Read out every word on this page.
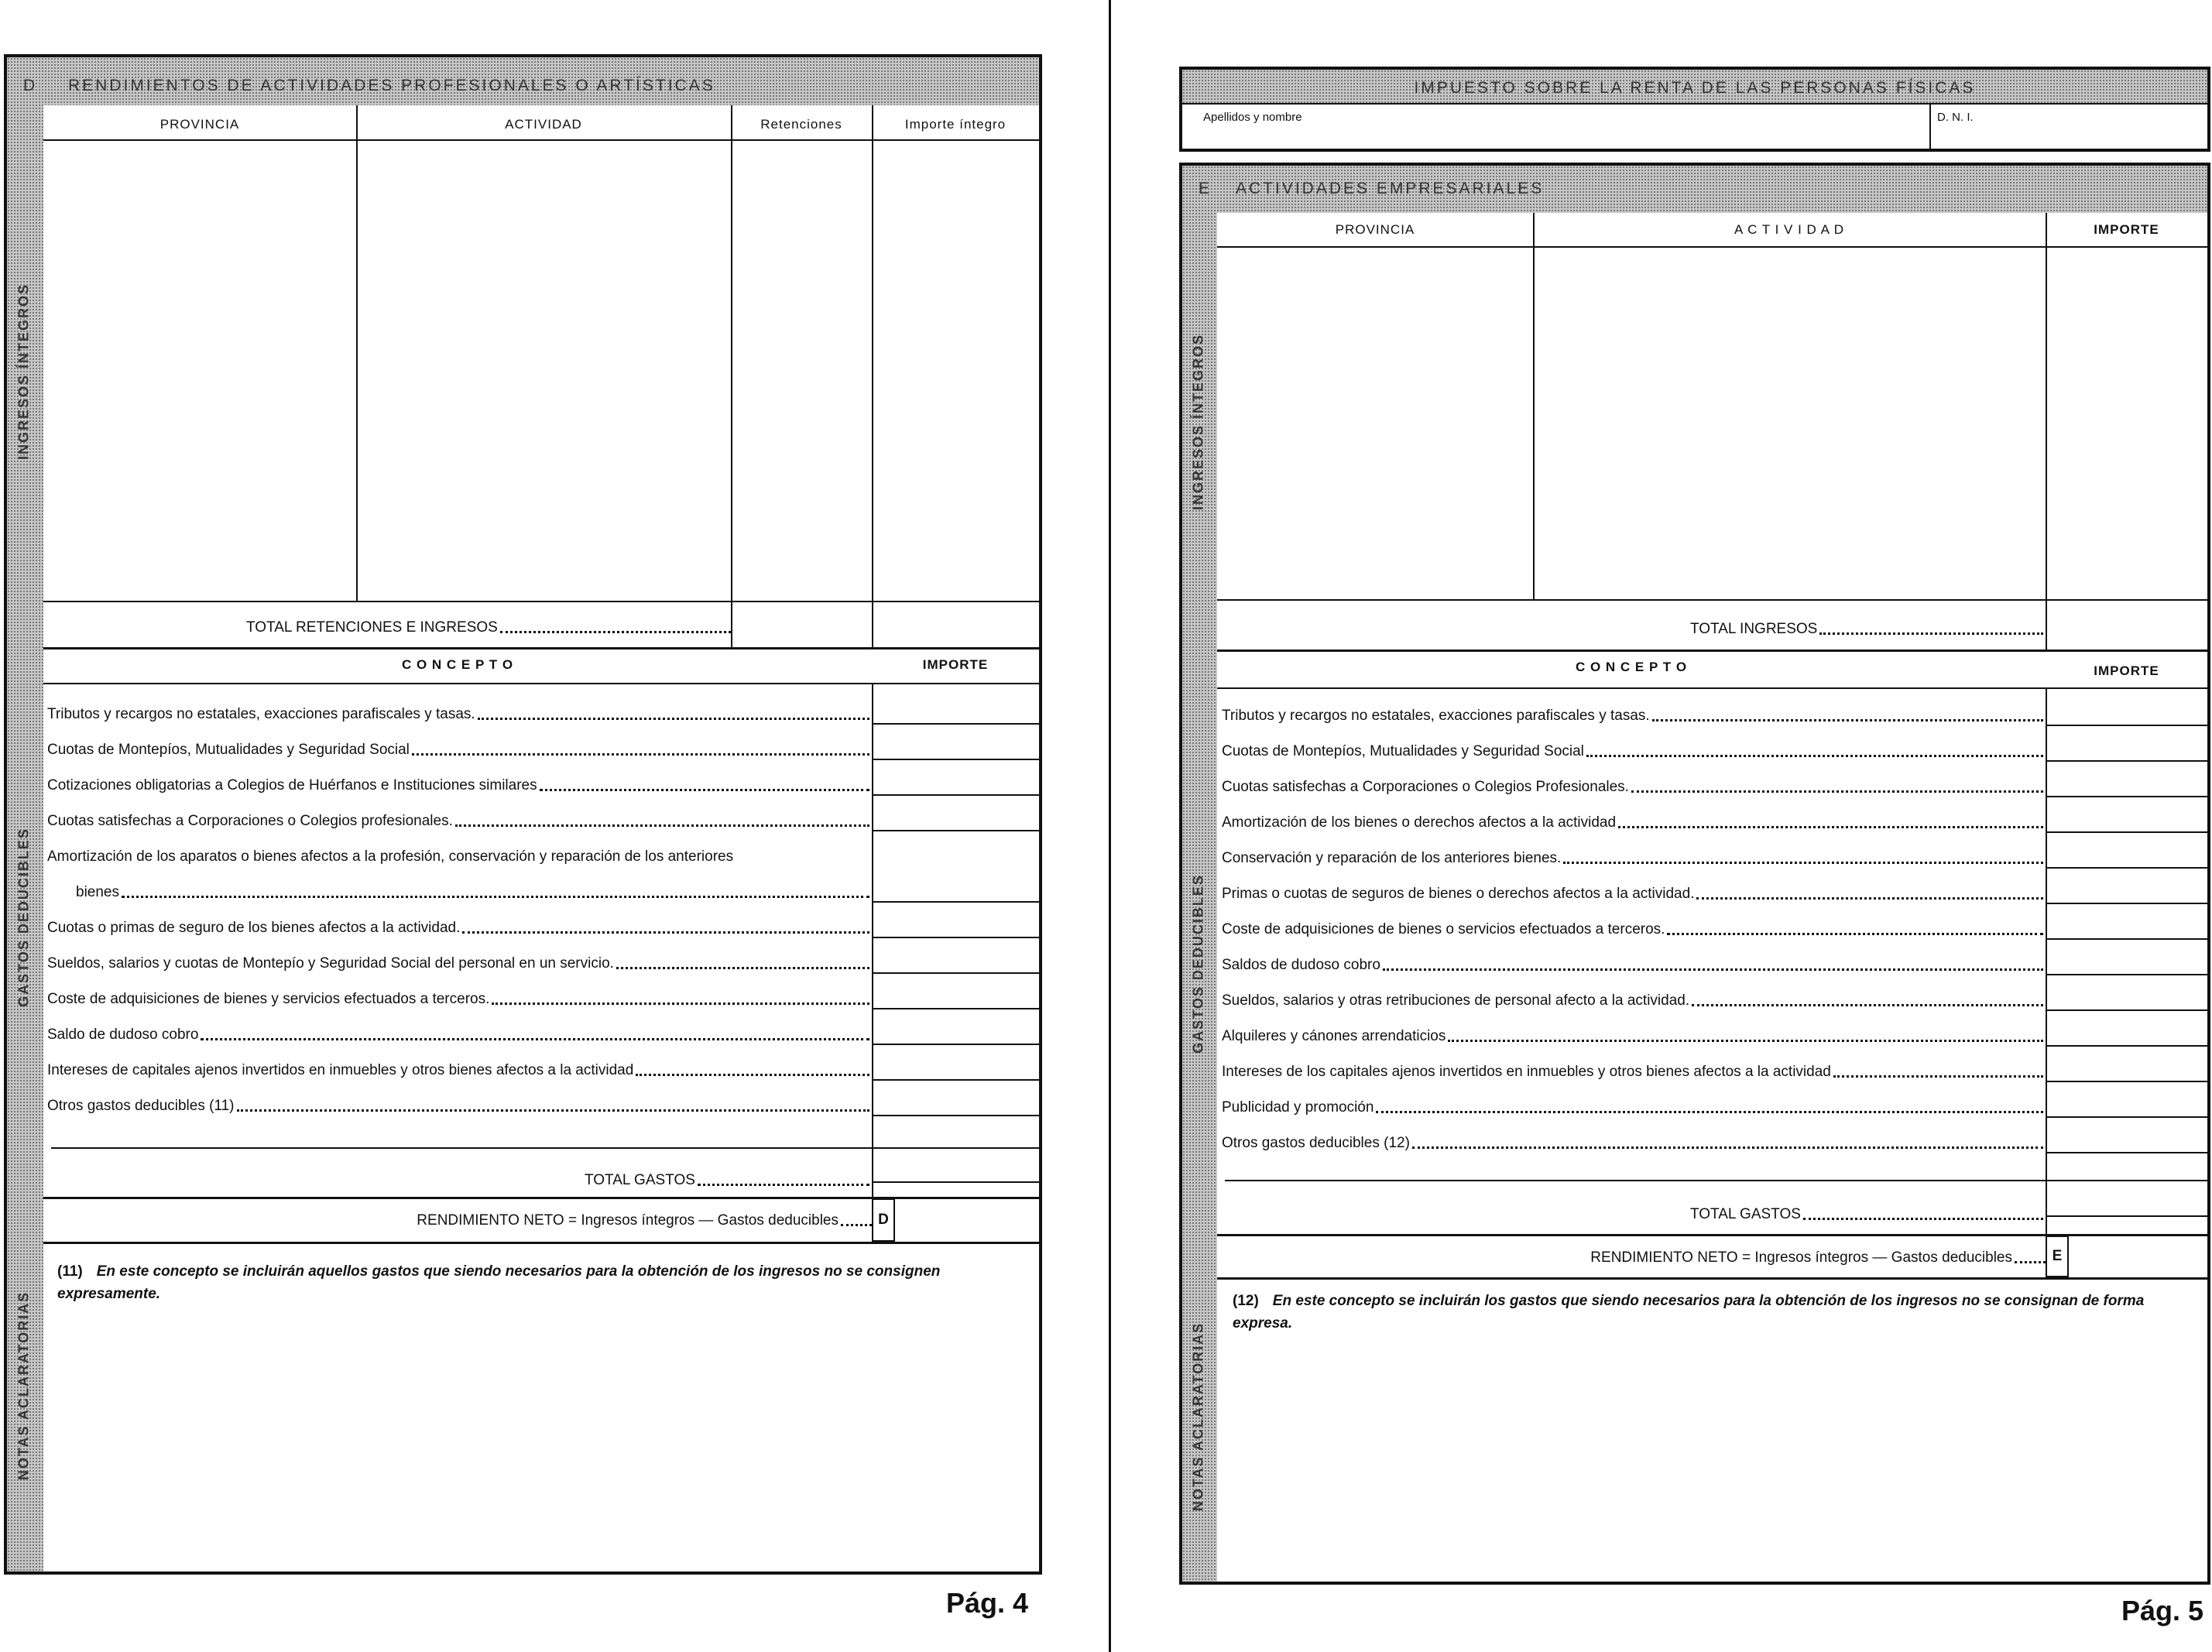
D RENDIMIENTOS DE ACTIVIDADES PROFESIONALES O ARTÍSTICAS
INGRESOS ÍNTEGROS
GASTOS DEDUCIBLES
NOTAS ACLARATORIAS
PROVINCIA	ACTIVIDAD	Retenciones	Importe íntegro
TOTAL RETENCIONES E INGRESOS
C O N C E P T O	IMPORTE
Tributos y recargos no estatales, exacciones parafiscales y tasas.
Cuotas de Montepíos, Mutualidades y Seguridad Social
Cotizaciones obligatorias a Colegios de Huérfanos e Instituciones similares
Cuotas satisfechas a Corporaciones o Colegios profesionales.
Amortización de los aparatos o bienes afectos a la profesión, conservación y reparación de los anteriores
bienes
Cuotas o primas de seguro de los bienes afectos a la actividad.
Sueldos, salarios y cuotas de Montepío y Seguridad Social del personal en un servicio.
Coste de adquisiciones de bienes y servicios efectuados a terceros.
Saldo de dudoso cobro
Intereses de capitales ajenos invertidos en inmuebles y otros bienes afectos a la actividad
Otros gastos deducibles (11)
TOTAL GASTOS
RENDIMIENTO NETO = Ingresos íntegros — Gastos deducibles	D
(11) En este concepto se incluirán aquellos gastos que siendo necesarios para la obtención de los ingresos no se consignen expresamente.
Pág. 4
IMPUESTO SOBRE LA RENTA DE LAS PERSONAS FÍSICAS
Apellidos y nombre	D. N. I.
E ACTIVIDADES EMPRESARIALES
INGRESOS ÍNTEGROS
GASTOS DEDUCIBLES
NOTAS ACLARATORIAS
PROVINCIA	A C T I V I D A D	IMPORTE
TOTAL INGRESOS
C O N C E P T O	IMPORTE
Tributos y recargos no estatales, exacciones parafiscales y tasas.
Cuotas de Montepíos, Mutualidades y Seguridad Social
Cuotas satisfechas a Corporaciones o Colegios Profesionales.
Amortización de los bienes o derechos afectos a la actividad
Conservación y reparación de los anteriores bienes.
Primas o cuotas de seguros de bienes o derechos afectos a la actividad.
Coste de adquisiciones de bienes o servicios efectuados a terceros.
Saldos de dudoso cobro
Sueldos, salarios y otras retribuciones de personal afecto a la actividad.
Alquileres y cánones arrendaticios
Intereses de los capitales ajenos invertidos en inmuebles y otros bienes afectos a la actividad
Publicidad y promoción
Otros gastos deducibles (12)
TOTAL GASTOS
RENDIMIENTO NETO = Ingresos íntegros — Gastos deducibles	E
(12) En este concepto se incluirán los gastos que siendo necesarios para la obtención de los ingresos no se consignan de forma expresa.
Pág. 5
